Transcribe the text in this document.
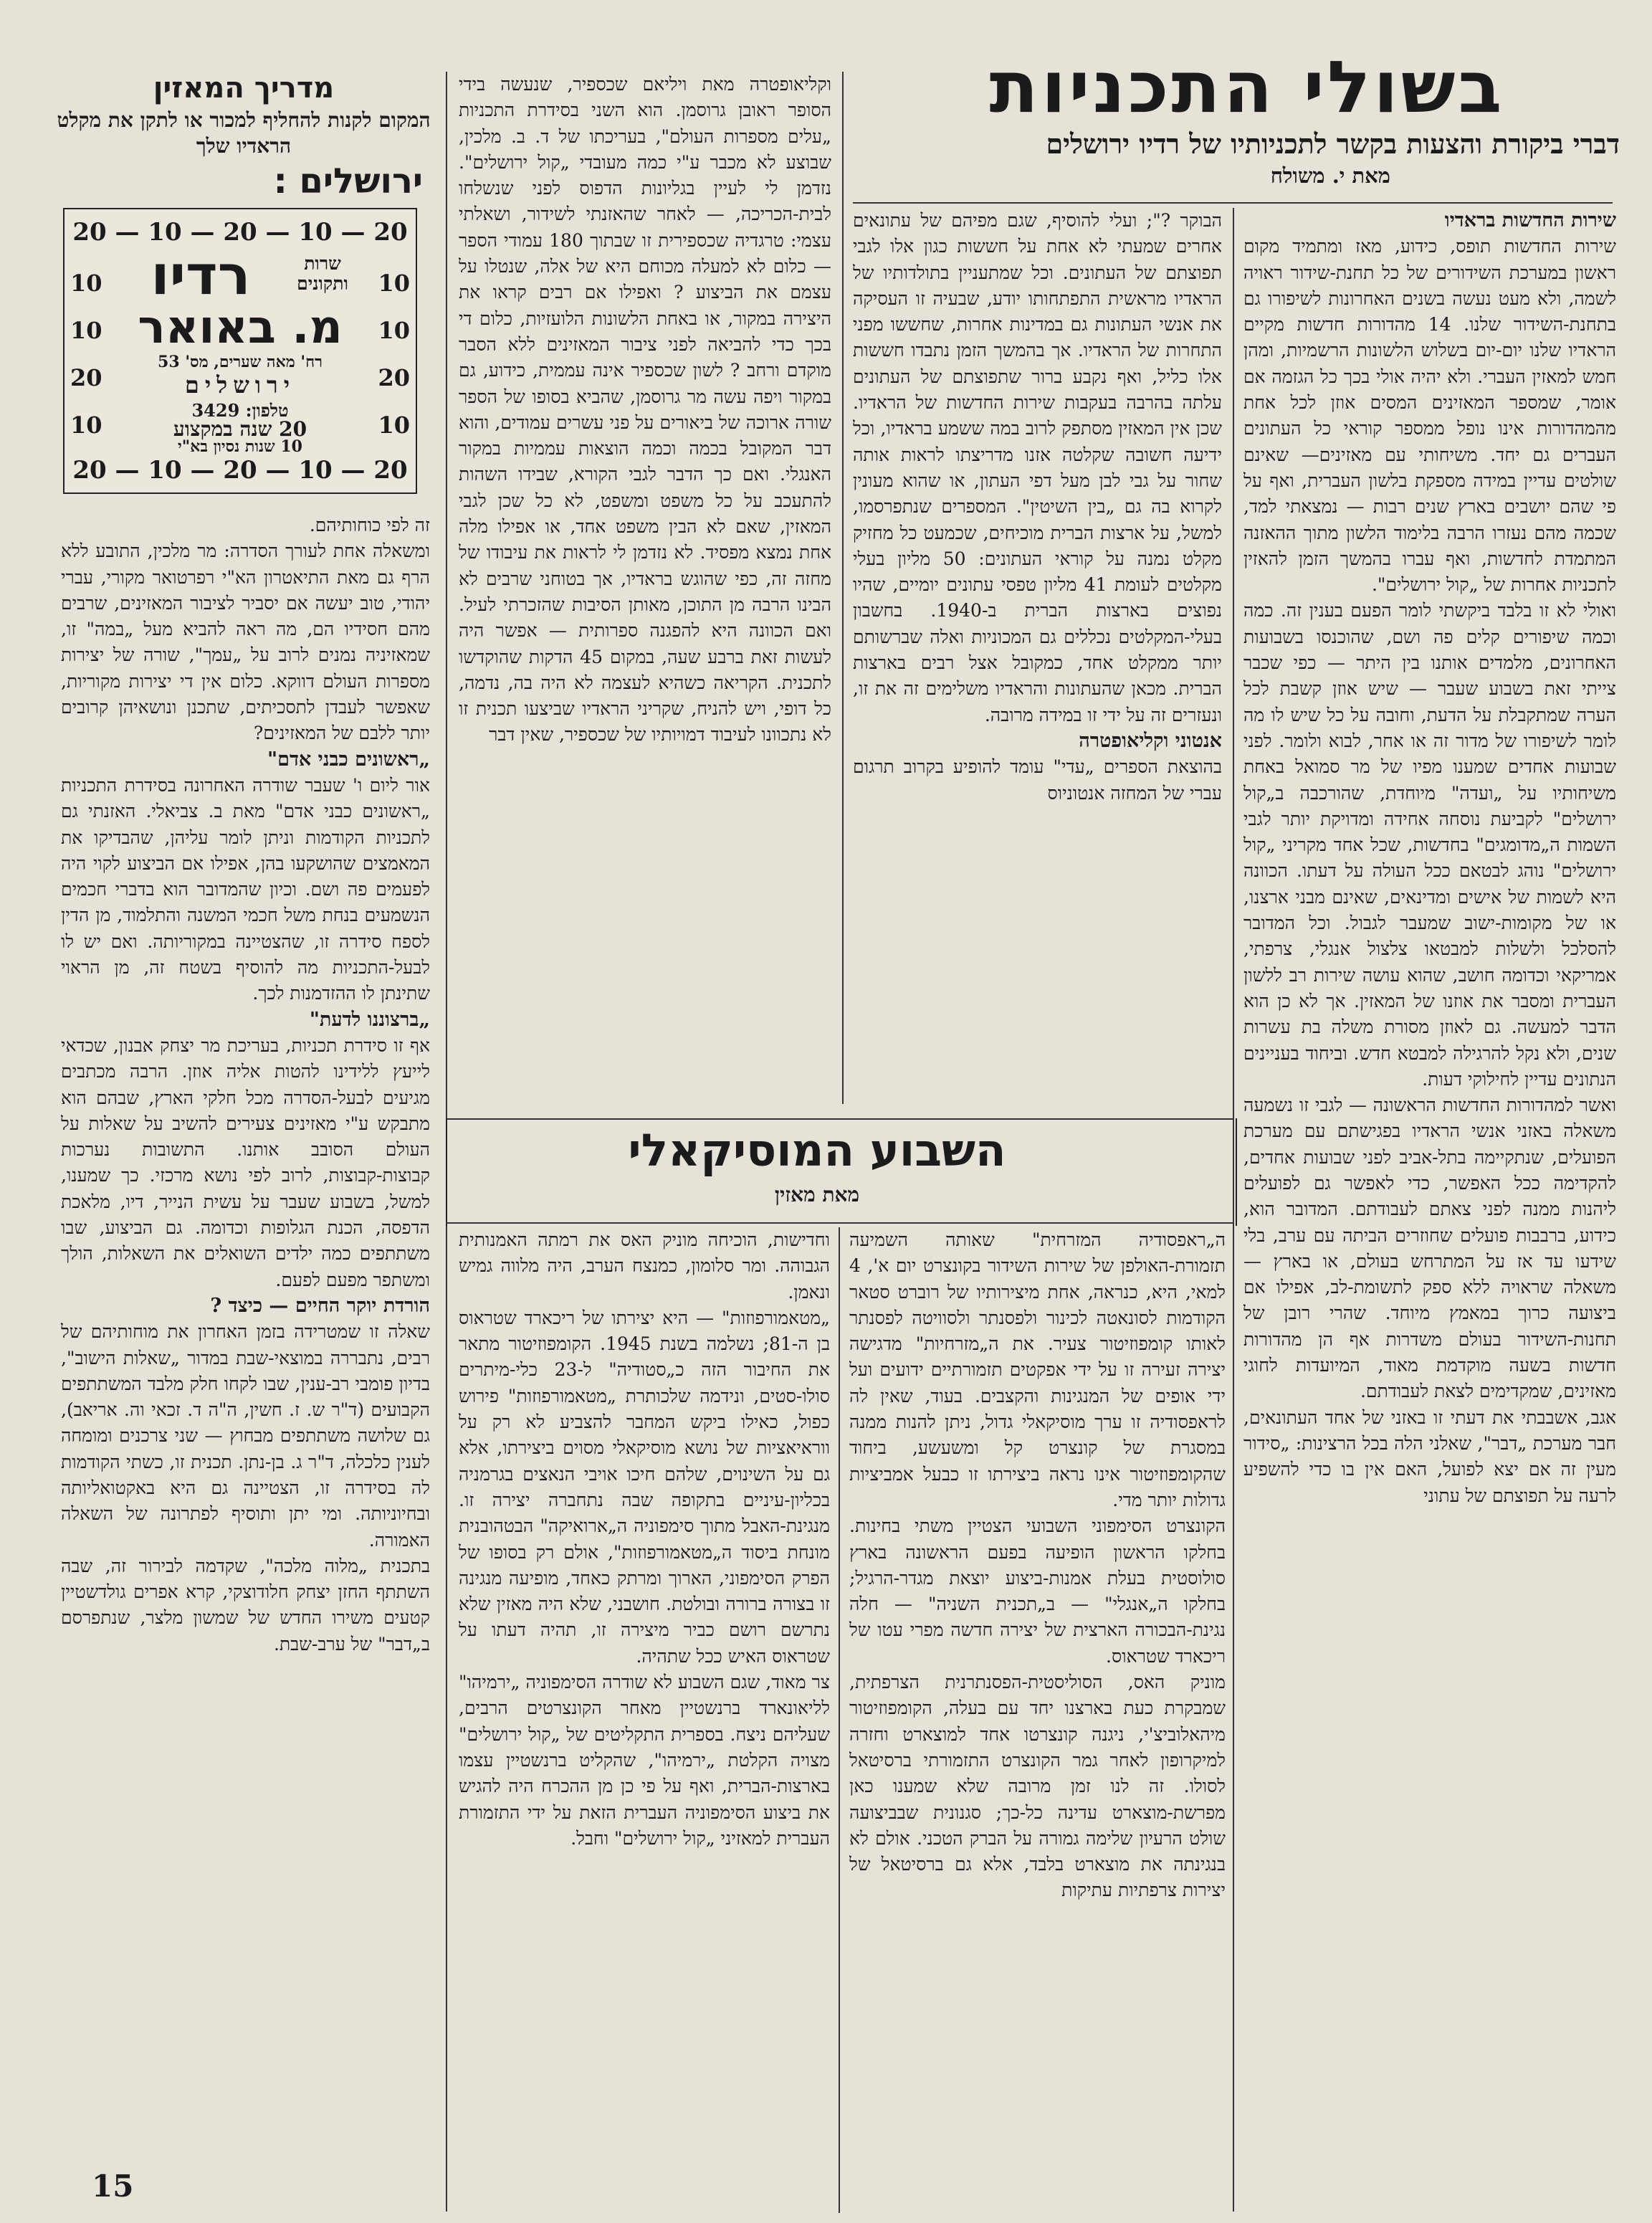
בשולי התכניות
דברי ביקורת והצעות בקשר לתכניותיו של רדיו ירושלים
מאת י. משולח

שירות החדשות בראדיו

שירות החדשות תופס, כידוע, מאז ומתמיד מקום ראשון במערכת השידורים של כל תחנת-שידור ראויה לשמה, ולא מעט נעשה בשנים האחרונות לשיפורו גם בתחנת-השידור שלנו. 14 מהדורות חדשות מקיים הראדיו שלנו יום-יום בשלוש הלשונות הרשמיות, ומהן חמש למאזין העברי. ולא יהיה אולי בכך כל הגזמה אם אומר, שמספר המאזינים המסים אוזן לכל אחת מהמהדורות אינו נופל ממספר קוראי כל העתונים העברים גם יחד. משיחותי עם מאזינים— שאינם שולטים עדיין במידה מספקת בלשון העברית, ואף על פי שהם יושבים בארץ שנים רבות — נמצאתי למד, שכמה מהם נעזרו הרבה בלימוד הלשון מתוך ההאזנה המתמדת לחדשות, ואף עברו בהמשך הזמן להאזין לתכניות אחרות של „קול ירושלים".
ואולי לא זו בלבד ביקשתי לומר הפעם בענין זה. כמה וכמה שיפורים קלים פה ושם, שהוכנסו בשבועות האחרונים, מלמדים אותנו בין היתר — כפי שכבר צייתי זאת בשבוע שעבר — שיש אוזן קשבת לכל הערה שמתקבלת על הדעת, וחובה על כל שיש לו מה לומר לשיפורו של מדור זה או אחר, לבוא ולומר. לפני שבועות אחדים שמענו מפיו של מר סמואל באחת משיחותיו על „ועדה" מיוחדת, שהורכבה ב„קול ירושלים" לקביעת נוסחה אחידה ומדויקת יותר לגבי השמות ה„מדומגים" בחדשות, שכל אחד מקריני „קול ירושלים" נוהג לבטאם ככל העולה על דעתו. הכוונה היא לשמות של אישים ומדינאים, שאינם מבני ארצנו, או של מקומות-ישוב שמעבר לגבול. וכל המדובר להסלכל ולשלות למבטאו צלצול אנגלי, צרפתי, אמריקאי וכדומה חושב, שהוא עושה שירות רב ללשון העברית ומסבר את אוזנו של המאזין. אך לא כן הוא הדבר למעשה. גם לאוזן מסורת משלה בת עשרות שנים, ולא נקל להרגילה למבטא חדש. וביחוד בעניינים הנתונים עדיין לחילוקי דעות.
ואשר למהדורות החדשות הראשונה — לגבי זו נשמעה משאלה באזני אנשי הראדיו בפגישתם עם מערכת הפועלים, שנתקיימה בתל-אביב לפני שבועות אחדים, להקדימה ככל האפשר, כדי לאפשר גם לפועלים ליהנות ממנה לפני צאתם לעבודתם. המדובר הוא, כידוע, ברבבות פועלים שחוזרים הביתה עם ערב, בלי שידעו עד אז על המתרחש בעולם, או בארץ — משאלה שראויה ללא ספק לתשומת-לב, אפילו אם ביצועה כרוך במאמץ מיוחד. שהרי רובן של תחנות-השידור בעולם משדרות אף הן מהדורות חדשות בשעה מוקדמת מאוד, המיועדות לחוגי מאזינים, שמקדימים לצאת לעבודתם.
אגב, אשבבתי את דעתי זו באזני של אחד העתונאים, חבר מערכת „דבר", שאלני הלה בכל הרצינות: „סידור מעין זה אם יצא לפועל, האם אין בו כדי להשפיע לרעה על תפוצתם של עתוני

הבוקר ?"; ועלי להוסיף, שגם מפיהם של עתונאים אחרים שמעתי לא אחת על חששות כגון אלו לגבי תפוצתם של העתונים. וכל שמתעניין בתולדותיו של הראדיו מראשית התפתחותו יודע, שבעיה זו העסיקה את אנשי העתונות גם במדינות אחרות, שחששו מפני התחרות של הראדיו. אך בהמשך הזמן נתבדו חששות אלו כליל, ואף נקבע ברור שתפוצתם של העתונים עלתה בהרבה בעקבות שירות החדשות של הראדיו. שכן אין המאזין מסתפק לרוב במה ששמע בראדיו, וכל ידיעה חשובה שקלטה אזנו מדריצתו לראות אותה שחור על גבי לבן מעל דפי העתון, או שהוא מעונין לקרוא בה גם „בין השיטין". המספרים שנתפרסמו, למשל, על ארצות הברית מוכיחים, שכמעט כל מחזיק מקלט נמנה על קוראי העתונים: 50 מליון בעלי מקלטים לעומת 41 מליון טפסי עתונים יומיים, שהיו נפוצים בארצות הברית ב-1940. בחשבון בעלי-המקלטים נכללים גם המכוניות ואלה שברשותם יותר ממקלט אחד, כמקובל אצל רבים בארצות הברית. מכאן שהעתונות והראדיו משלימים זה את זו, ונעזרים זה על ידי זו במידה מרובה.

אנטוני וקליאופטרה

בהוצאת הספרים „עדי" עומד להופיע בקרוב תרגום עברי של המחזה אנטוניוס

וקליאופטרה מאת ויליאם שכספיר, שנעשה בידי הסופר ראובן גרוסמן. הוא השני בסידרת התכניות „עלים מספרות העולם", בעריכתו של ד. ב. מלכין, שבוצע לא מכבר ע"י כמה מעובדי „קול ירושלים". נזדמן לי לעיין בגליונות הדפוס לפני שנשלחו לבית-הכריכה, — לאחר שהאזנתי לשידור, ושאלתי עצמי: טרגדיה שכספירית זו שבתוך 180 עמודי הספר — כלום לא למעלה מכוחם היא של אלה, שנטלו על עצמם את הביצוע ? ואפילו אם רבים קראו את היצירה במקור, או באחת הלשונות הלועזיות, כלום די בכך כדי להביאה לפני ציבור המאזינים ללא הסבר מוקדם ורחב ? לשון שכספיר אינה עממית, כידוע, גם במקור ויפה עשה מר גרוסמן, שהביא בסופו של הספר שורה ארוכה של ביאורים על פני עשרים עמודים, והוא דבר המקובל בכמה וכמה הוצאות עממיות במקור האנגלי. ואם כך הדבר לגבי הקורא, שבידו השהות להתעכב על כל משפט ומשפט, לא כל שכן לגבי המאזין, שאם לא הבין משפט אחד, או אפילו מלה אחת נמצא מפסיד. לא נזדמן לי לראות את עיבודו של מחזה זה, כפי שהוגש בראדיו, אך בטוחני שרבים לא הבינו הרבה מן התוכן, מאותן הסיבות שהזכרתי לעיל. ואם הכוונה היא להפגנה ספרותית — אפשר היה לעשות זאת ברבע שעה, במקום 45 הדקות שהוקדשו לתכנית. הקריאה כשהיא לעצמה לא היה בה, נדמה, כל דופי, ויש להניח, שקריני הראדיו שביצעו תכנית זו לא נתכוונו לעיבוד דמויותיו של שכספיר, שאין דבר

מדריך המאזין
המקום לקנות להחליף למכור או לתקן את מקלט הראדיו שלך
ירושלים :
20 — 10 — 20 — 10 — 20
20 — 10 — 20 — 10 — 20
10
10
20
10
10
10
20
10
שרות ותקונים
רדיו
מ. באואר
רח' מאה שערים, מס' 53
ירושלים
טלפון: 3429
20 שנה במקצוע
10 שנות נסיון בא"י

זה לפי כוחותיהם.
ומשאלה אחת לעורך הסדרה: מר מלכין, התובע ללא הרף גם מאת התיאטרון הא"י רפרטואר מקורי, עברי יהודי, טוב יעשה אם יסביר לציבור המאזינים, שרבים מהם חסידיו הם, מה ראה להביא מעל „במה" זו, שמאזיניה נמנים לרוב על „עמך", שורה של יצירות מספרות העולם דווקא. כלום אין די יצירות מקוריות, שאפשר לעבדן לתסכיתים, שתכנן ונושאיהן קרובים יותר ללבם של המאזינים?

„ראשונים כבני אדם"

אור ליום ו' שעבר שודרה האחרונה בסידרת התכניות „ראשונים כבני אדם" מאת ב. צביאלי. האזנתי גם לתכניות הקודמות וניתן לומר עליהן, שהבדיקו את המאמצים שהושקעו בהן, אפילו אם הביצוע לקוי היה לפעמים פה ושם. וכיון שהמדובר הוא בדברי חכמים הנשמעים בנחת משל חכמי המשנה והתלמוד, מן הדין לספח סידרה זו, שהצטיינה במקוריותה. ואם יש לו לבעל-התכניות מה להוסיף בשטח זה, מן הראוי שתינתן לו ההזדמנות לכך.

„ברצוננו לדעת"

אף זו סידרת תכניות, בעריכת מר יצחק אבנון, שכדאי לייעץ ללידינו להטות אליה אוזן. הרבה מכתבים מגיעים לבעל-הסדרה מכל חלקי הארץ, שבהם הוא מתבקש ע"י מאזינים צעירים להשיב על שאלות על העולם הסובב אותנו. התשובות נערכות קבוצות-קבוצות, לרוב לפי נושא מרכזי. כך שמענו, למשל, בשבוע שעבר על עשית הנייר, דיו, מלאכת הדפסה, הכנת הגלופות וכדומה. גם הביצוע, שבו משתתפים כמה ילדים השואלים את השאלות, הולך ומשתפר מפעם לפעם.

הורדת יוקר החיים — כיצד ?

שאלה זו שמטרידה בזמן האחרון את מוחותיהם של רבים, נתבררה במוצאי-שבת במדור „שאלות הישוב", בדיון פומבי רב-ענין, שבו לקחו חלק מלבד המשתתפים הקבועים (ד"ר ש. ז. חשין, ה"ה ד. זכאי וה. אריאב), גם שלושה משתתפים מבחוץ — שני צרכנים ומומחה לענין כלכלה, ד"ר ג. בן-נתן. תכנית זו, כשתי הקודמות לה בסידרה זו, הצטיינה גם היא באקטואליותה ובחיוניותה. ומי יתן ותוסיף לפתרונה של השאלה האמורה.
בתכנית „מלוה מלכה", שקדמה לבירור זה, שבה השתתף החזן יצחק חלודוצקי, קרא אפרים גולדשטיין קטעים משירו החדש של שמשון מלצר, שנתפרסם ב„דבר" של ערב-שבת.

השבוע המוסיקאלי
מאת מאזין

ה„ראפסודיה המזרחית" שאותה השמיעה תזמורת-האולפן של שירות השידור בקונצרט יום א', 4 למאי, היא, כנראה, אחת מיצירותיו של רוברט סטאר הקודמות לסונאטה לכינור ולפסנתר ולסוויטה לפסנתר לאותו קומפוזיטור צעיר. את ה„מזרחיות" מדגישה יצירה זעירה זו על ידי אפקטים תזמורתיים ידועים ועל ידי אופים של המנגינות והקצבים. בעוד, שאין לה לראפסודיה זו ערך מוסיקאלי גדול, ניתן להנות ממנה במסגרת של קונצרט קל ומשעשע, ביחוד שהקומפוזיטור אינו נראה ביצירתו זו כבעל אמביציות גדולות יותר מדי.
הקונצרט הסימפוני השבועי הצטיין משתי בחינות. בחלקו הראשון הופיעה בפעם הראשונה בארץ סולוסטית בעלת אמנות-ביצוע יוצאת מגדר-הרגיל; בחלקו ה„אנגלי" — ב„תכנית השניה" — חלה נגינת-הבכורה הארצית של יצירה חדשה מפרי עטו של ריכארד שטראוס.
מוניק האס, הסוליסטית-הפסנתרנית הצרפתית, שמבקרת כעת בארצנו יחד עם בעלה, הקומפוזיטור מיהאלוביצ'י, ניגנה קונצרטו אחד למוצארט וחזרה למיקרופון לאחר גמר הקונצרט התזמורתי ברסיטאל לסולו. זה לנו זמן מרובה שלא שמענו כאן מפרשת-מוצארט עדינה כל-כך; סגנונית שבביצועה שולט הרעיון שלימה גמורה על הברק הטכני. אולם לא בנגינתה את מוצארט בלבד, אלא גם ברסיטאל של יצירות צרפתיות עתיקות

וחדישות, הוכיחה מוניק האס את רמתה האמנותית הגבוהה. ומר סלומון, כמנצח הערב, היה מלווה גמיש ונאמן.
„מטאמורפוזות" — היא יצירתו של ריכארד שטראוס בן ה-81; נשלמה בשנת 1945. הקומפוזיטור מתאר את החיבור הזה כ„סטודיה" ל-23 כלי-מיתרים סולו-סטים, ונידמה שלכותרת „מטאמורפוזות" פירוש כפול, כאילו ביקש המחבר להצביע לא רק על ווראיאציות של נושא מוסיקאלי מסוים ביצירתו, אלא גם על השינוים, שלהם חיכו אויבי הנאצים בגרמניה בכליון-עיניים בתקופה שבה נתחברה יצירה זו. מנגינת-האבל מתוך סימפוניה ה„ארואיקה" הבטהובנית מונחת ביסוד ה„מטאמורפוזות", אולם רק בסופו של הפרק הסימפוני, הארוך ומרתק כאחד, מופיעה מנגינה זו בצורה ברורה ובולטת. חושבני, שלא היה מאזין שלא נתרשם רושם כביר מיצירה זו, תהיה דעתו על שטראוס האיש ככל שתהיה.
צר מאוד, שגם השבוע לא שודרה הסימפוניה „ירמיהו" לליאונארד ברנשטיין מאחר הקונצרטים הרבים, שעליהם ניצח. בספרית התקליטים של „קול ירושלים" מצויה הקלטת „ירמיהו", שהקליט ברנשטיין עצמו בארצות-הברית, ואף על פי כן מן ההכרח היה להגיש את ביצוע הסימפוניה העברית הזאת על ידי התזמורת העברית למאזיני „קול ירושלים" וחבל.

15
